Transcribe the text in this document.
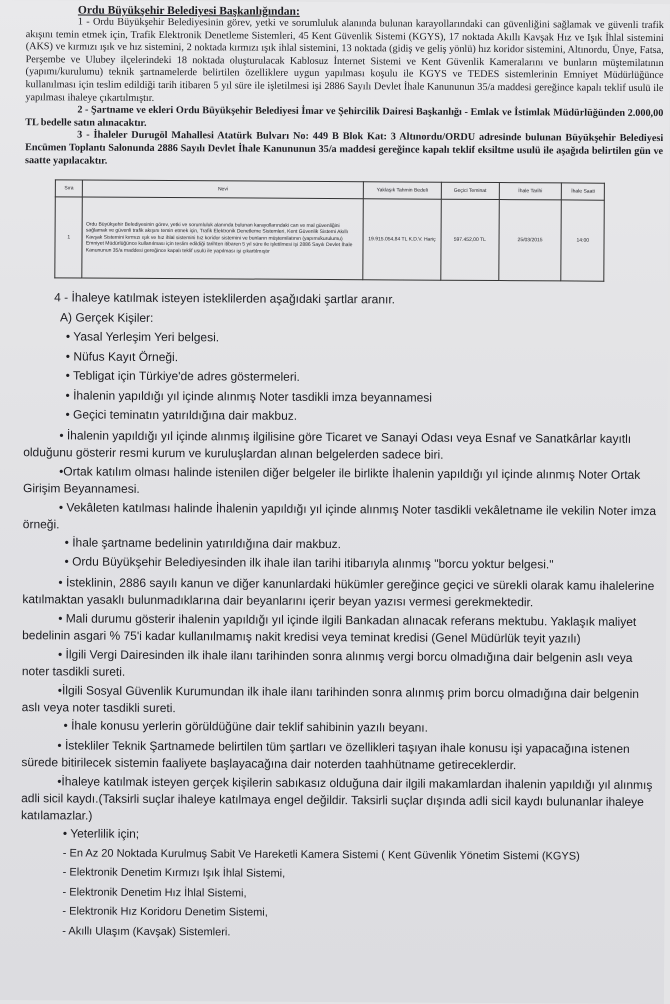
Ordu Büyükşehir Belediyesi Başkanlığından:

1 - Ordu Büyükşehir Belediyesinin görev, yetki ve sorumluluk alanında bulunan karayollarındaki can güvenliğini sağlamak ve güvenli trafik akışını temin etmek için, Trafik Elektronik Denetleme Sistemleri, 45 Kent Güvenlik Sistemi (KGYS), 17 noktada Akıllı Kavşak Hız ve Işık İhlal sistemini (AKS) ve kırmızı ışık ve hız sistemini, 2 noktada kırmızı ışık ihlal sistemini, 13 noktada (gidiş ve geliş yönlü) hız koridor sistemini, Altınordu, Ünye, Fatsa, Perşembe ve Ulubey ilçelerindeki 18 noktada oluşturulacak Kablosuz İnternet Sistemi ve Kent Güvenlik Kameralarını ve bunların müştemilatının (yapımı/kurulumu) teknik şartnamelerde belirtilen özelliklere uygun yapılması koşulu ile KGYS ve TEDES sistemlerinin Emniyet Müdürlüğünce kullanılması için teslim edildiği tarih itibaren 5 yıl süre ile işletilmesi işi 2886 Sayılı Devlet İhale Kanununun 35/a maddesi gereğince kapalı teklif usulü ile yapılması ihaleye çıkartılmıştır.

2 - Şartname ve ekleri Ordu Büyükşehir Belediyesi İmar ve Şehircilik Dairesi Başkanlığı - Emlak ve İstimlak Müdürlüğünden 2.000,00 TL bedelle satın alınacaktır.

3 - İhaleler Durugöl Mahallesi Atatürk Bulvarı No: 449 B Blok Kat: 3 Altınordu/ORDU adresinde bulunan Büyükşehir Belediyesi Encümen Toplantı Salonunda 2886 Sayılı Devlet İhale Kanununun 35/a maddesi gereğince kapalı teklif eksiltme usulü ile aşağıda belirtilen gün ve saatte yapılacaktır.

Sıra	Nevi	Yaklaşık Tahmin Bedeli	Geçici Teminat	İhale Tarihi	İhale Saati
1	Ordu Büyükşehir Belediyesinin görev, yetki ve sorumluluk alanında bulunan karayollarındaki can ve mal güvenliğini sağlamak ve güvenli trafik akışını temin etmek için, Trafik Elektronik Denetleme Sistemleri, Kent Güvenlik Sistemi Akıllı Kavşak Sistemini kırmızı ışık ve hız ihlal sistemini hız koridor sistemini ve bunların müştemilatının (yapımı/kurulumu) Emniyet Müdürlüğünce kullanılması için teslim edildiği tarihten itibaren 5 yıl süre ile işletilmesi işi 2886 Sayılı Devlet İhale Kanununun 35/a maddesi gereğince kapalı teklif usulü ile yapılması işi çıkartılmıştır	19.915.054,84 TL K.D.V. Hariç	597.452,00 TL	25/03/2015	14:00
4 - İhaleye katılmak isteyen isteklilerden aşağıdaki şartlar aranır.
A) Gerçek Kişiler:
• Yasal Yerleşim Yeri belgesi.
• Nüfus Kayıt Örneği.
• Tebligat için Türkiye'de adres göstermeleri.
• İhalenin yapıldığı yıl içinde alınmış Noter tasdikli imza beyannamesi
• Geçici teminatın yatırıldığına dair makbuz.
• İhalenin yapıldığı yıl içinde alınmış ilgilisine göre Ticaret ve Sanayi Odası veya Esnaf ve Sanatkârlar kayıtlı olduğunu gösterir resmi kurum ve kuruluşlardan alınan belgelerden sadece biri.
•Ortak katılım olması halinde istenilen diğer belgeler ile birlikte İhalenin yapıldığı yıl içinde alınmış Noter Ortak Girişim Beyannamesi.
• Vekâleten katılması halinde İhalenin yapıldığı yıl içinde alınmış Noter tasdikli vekâletname ile vekilin Noter imza örneği.
• İhale şartname bedelinin yatırıldığına dair makbuz.
• Ordu Büyükşehir Belediyesinden ilk ihale ilan tarihi itibarıyla alınmış "borcu yoktur belgesi."
• İsteklinin, 2886 sayılı kanun ve diğer kanunlardaki hükümler gereğince geçici ve sürekli olarak kamu ihalelerine katılmaktan yasaklı bulunmadıklarına dair beyanlarını içerir beyan yazısı vermesi gerekmektedir.
• Mali durumu gösterir ihalenin yapıldığı yıl içinde ilgili Bankadan alınacak referans mektubu. Yaklaşık maliyet bedelinin asgari % 75'i kadar kullanılmamış nakit kredisi veya teminat kredisi (Genel Müdürlük teyit yazılı)
• İlgili Vergi Dairesinden ilk ihale ilanı tarihinden sonra alınmış vergi borcu olmadığına dair belgenin aslı veya noter tasdikli sureti.
•İlgili Sosyal Güvenlik Kurumundan ilk ihale ilanı tarihinden sonra alınmış prim borcu olmadığına dair belgenin aslı veya noter tasdikli sureti.
• İhale konusu yerlerin görüldüğüne dair teklif sahibinin yazılı beyanı.
• İstekliler Teknik Şartnamede belirtilen tüm şartları ve özellikleri taşıyan ihale konusu işi yapacağına istenen sürede bitirilecek sistemin faaliyete başlayacağına dair noterden taahhütname getireceklerdir.
•İhaleye katılmak isteyen gerçek kişilerin sabıkasız olduğuna dair ilgili makamlardan ihalenin yapıldığı yıl alınmış adli sicil kaydı.(Taksirli suçlar ihaleye katılmaya engel değildir. Taksirli suçlar dışında adli sicil kaydı bulunanlar ihaleye katılamazlar.)
• Yeterlilik için;
- En Az 20 Noktada Kurulmuş Sabit Ve Hareketli Kamera Sistemi ( Kent Güvenlik Yönetim Sistemi (KGYS)
- Elektronik Denetim Kırmızı Işık İhlal Sistemi,
- Elektronik Denetim Hız İhlal Sistemi,
- Elektronik Hız Koridoru Denetim Sistemi,
- Akıllı Ulaşım (Kavşak) Sistemleri.
